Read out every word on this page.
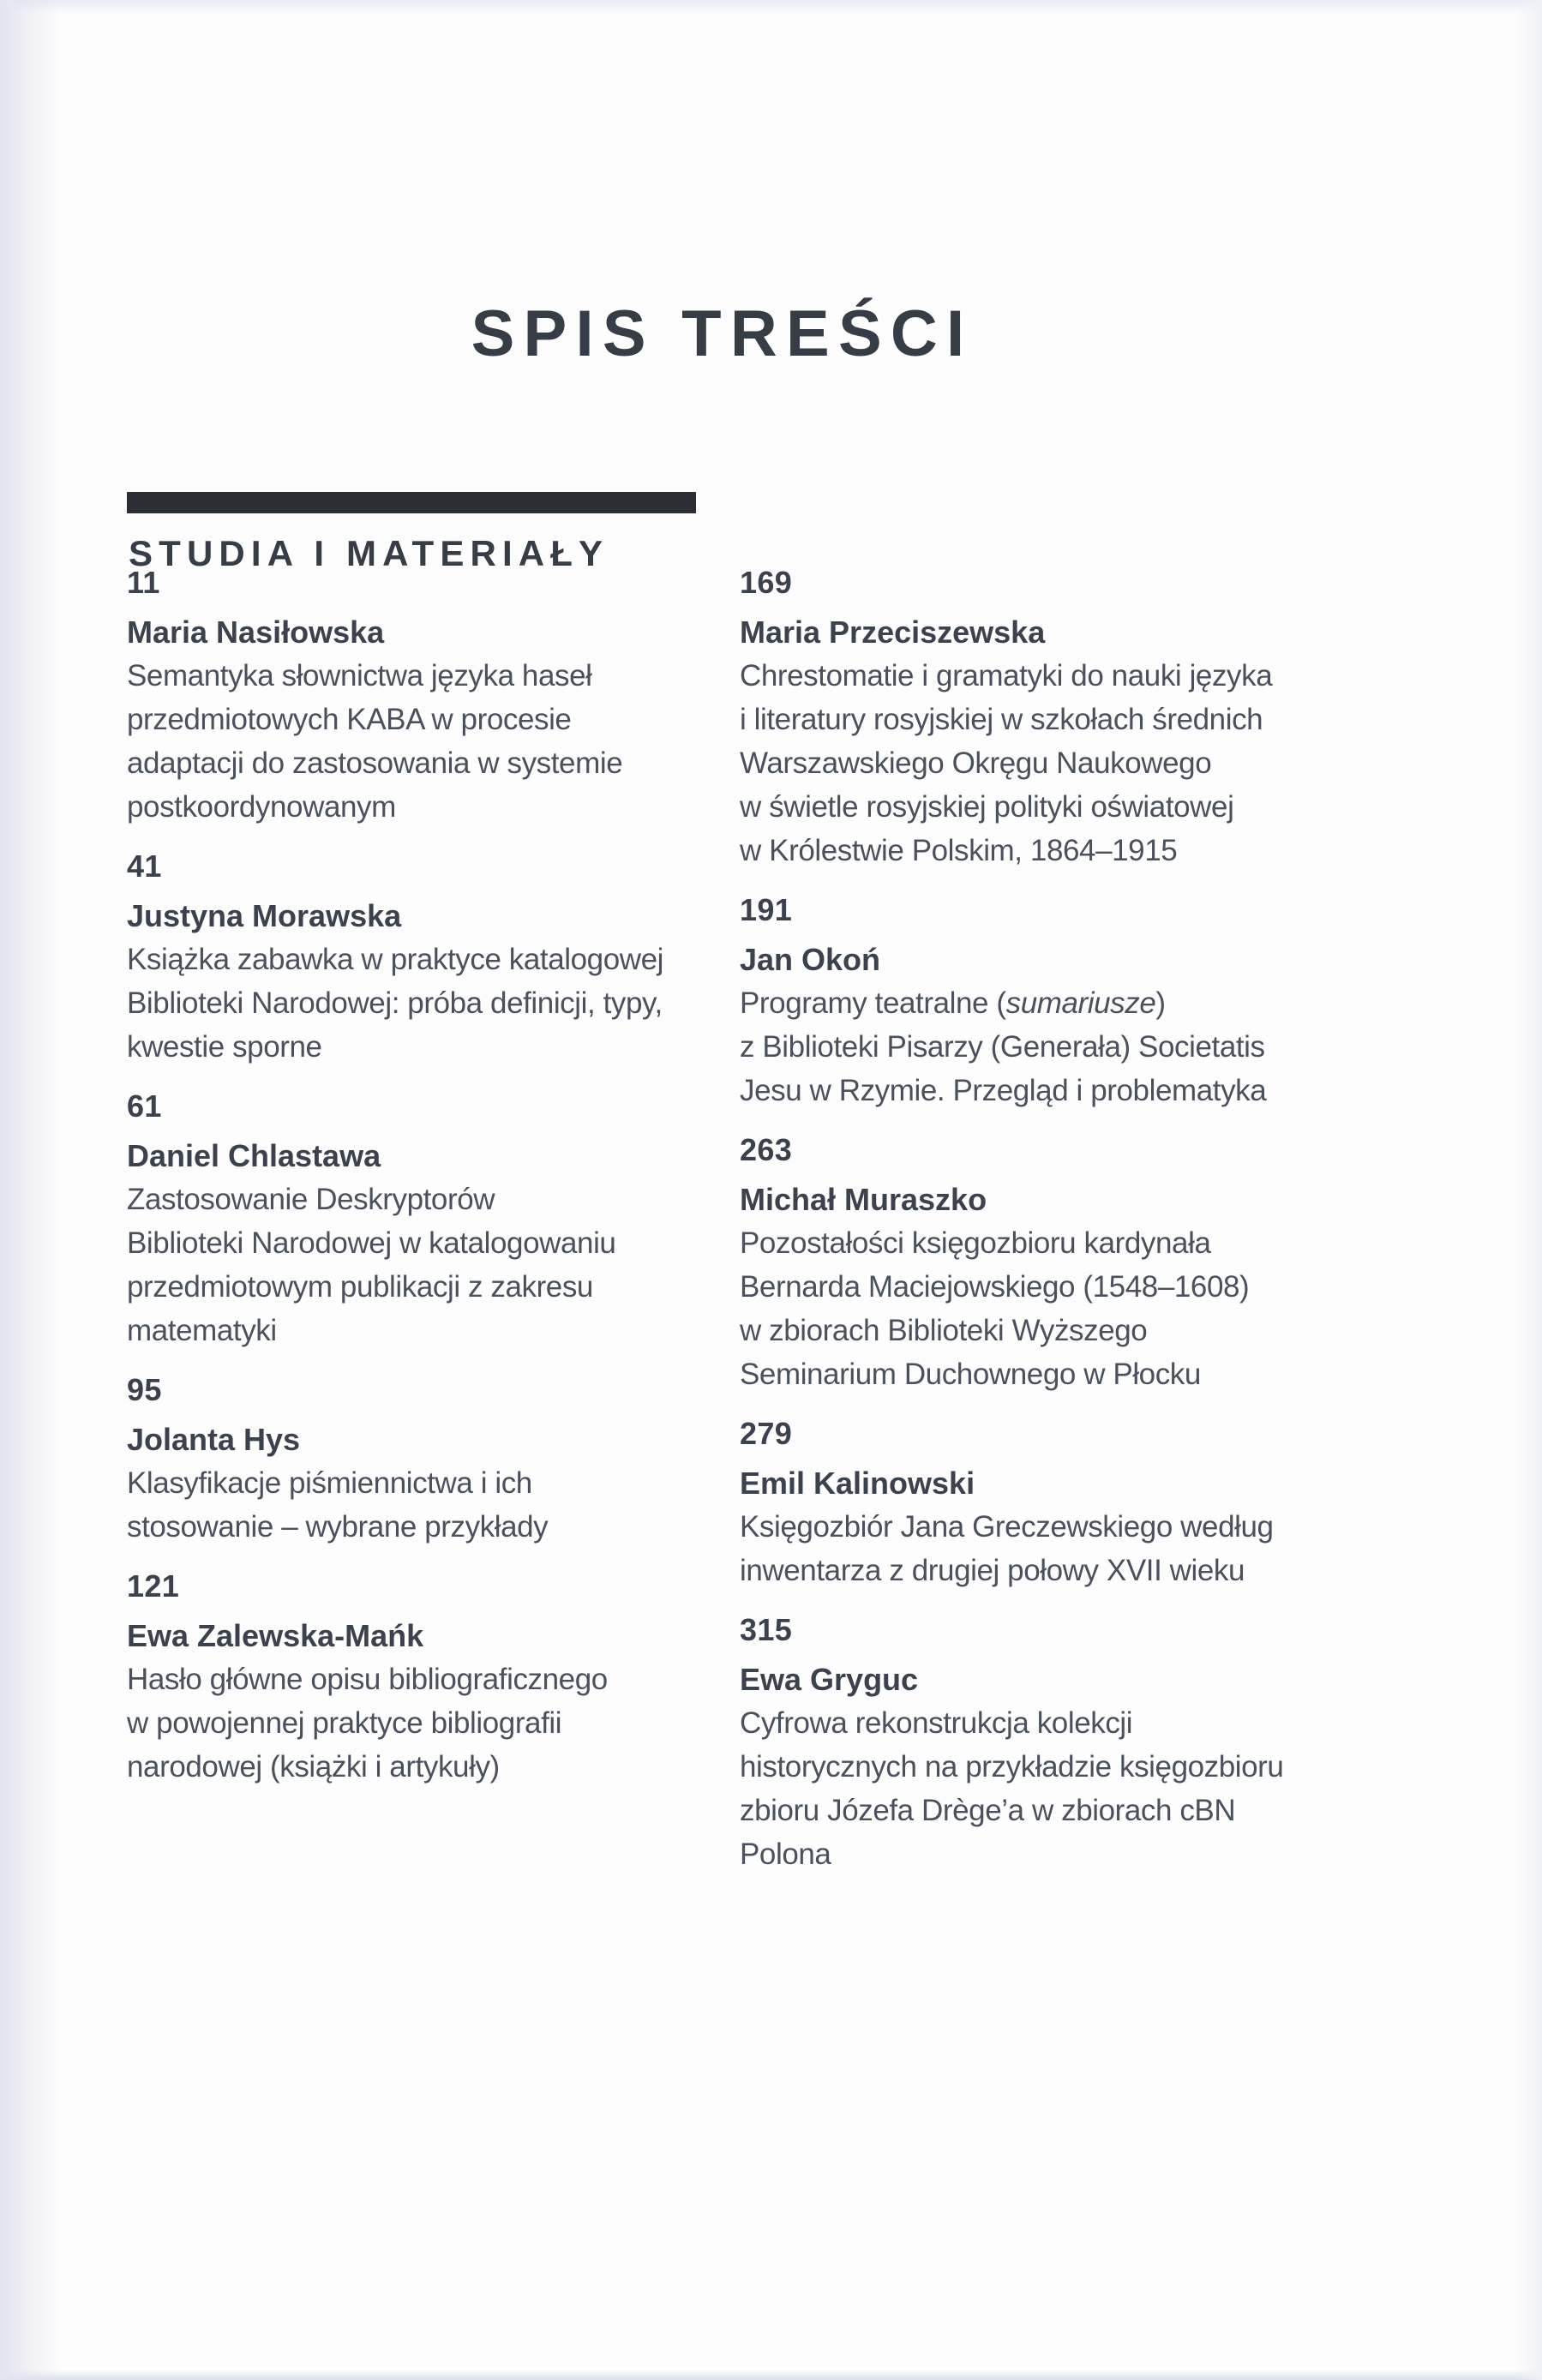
SPIS TREŚCI
STUDIA I MATERIAŁY
11
Maria Nasiłowska
Semantyka słownictwa języka haseł
przedmiotowych KABA w procesie
adaptacji do zastosowania w systemie
postkoordynowanym
41
Justyna Morawska
Książka zabawka w praktyce katalogowej
Biblioteki Narodowej: próba definicji, typy,
kwestie sporne
61
Daniel Chlastawa
Zastosowanie Deskryptorów
Biblioteki Narodowej w katalogowaniu
przedmiotowym publikacji z zakresu
matematyki
95
Jolanta Hys
Klasyfikacje piśmiennictwa i ich
stosowanie – wybrane przykłady
121
Ewa Zalewska-Mańk
Hasło główne opisu bibliograficznego
w powojennej praktyce bibliografii
narodowej (książki i artykuły)
169
Maria Przeciszewska
Chrestomatie i gramatyki do nauki języka
i literatury rosyjskiej w szkołach średnich
Warszawskiego Okręgu Naukowego
w świetle rosyjskiej polityki oświatowej
w Królestwie Polskim, 1864–1915
191
Jan Okoń
Programy teatralne (sumariusze)
z Biblioteki Pisarzy (Generała) Societatis
Jesu w Rzymie. Przegląd i problematyka
263
Michał Muraszko
Pozostałości księgozbioru kardynała
Bernarda Maciejowskiego (1548–1608)
w zbiorach Biblioteki Wyższego
Seminarium Duchownego w Płocku
279
Emil Kalinowski
Księgozbiór Jana Greczewskiego według
inwentarza z drugiej połowy XVII wieku
315
Ewa Gryguc
Cyfrowa rekonstrukcja kolekcji
historycznych na przykładzie księgozbioru
zbioru Józefa Drège’a w zbiorach cBN
Polona
